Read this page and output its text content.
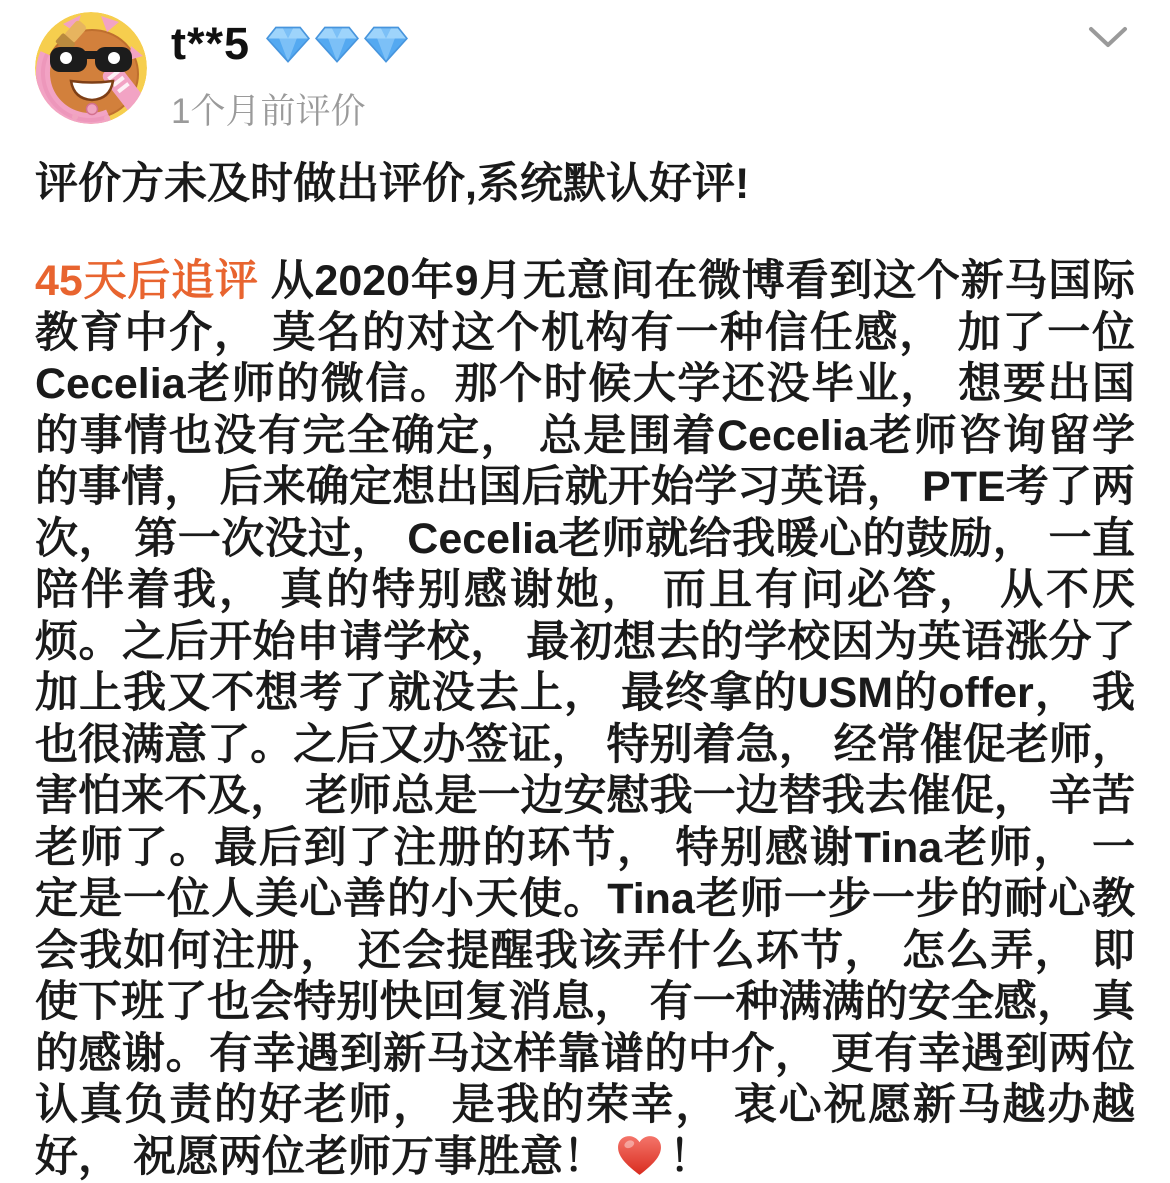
t**5
1个月前评价

评价方未及时做出评价,系统默认好评!

45天后追评 从2020年9月无意间在微博看到这个新马国际教育中介， 莫名的对这个机构有一种信任感， 加了一位Cecelia老师的微信。那个时候大学还没毕业， 想要出国的事情也没有完全确定， 总是围着Cecelia老师咨询留学的事情， 后来确定想出国后就开始学习英语， PTE考了两次， 第一次没过， Cecelia老师就给我暖心的鼓励， 一直陪伴着我， 真的特别感谢她， 而且有问必答， 从不厌烦。之后开始申请学校， 最初想去的学校因为英语涨分了加上我又不想考了就没去上， 最终拿的USM的offer， 我也很满意了。之后又办签证， 特别着急， 经常催促老师， 害怕来不及， 老师总是一边安慰我一边替我去催促， 辛苦老师了。最后到了注册的环节， 特别感谢Tina老师， 一定是一位人美心善的小天使。Tina老师一步一步的耐心教会我如何注册， 还会提醒我该弄什么环节， 怎么弄， 即使下班了也会特别快回复消息， 有一种满满的安全感， 真的感谢。有幸遇到新马这样靠谱的中介， 更有幸遇到两位认真负责的好老师， 是我的荣幸， 衷心祝愿新马越办越好， 祝愿两位老师万事胜意！ ！
